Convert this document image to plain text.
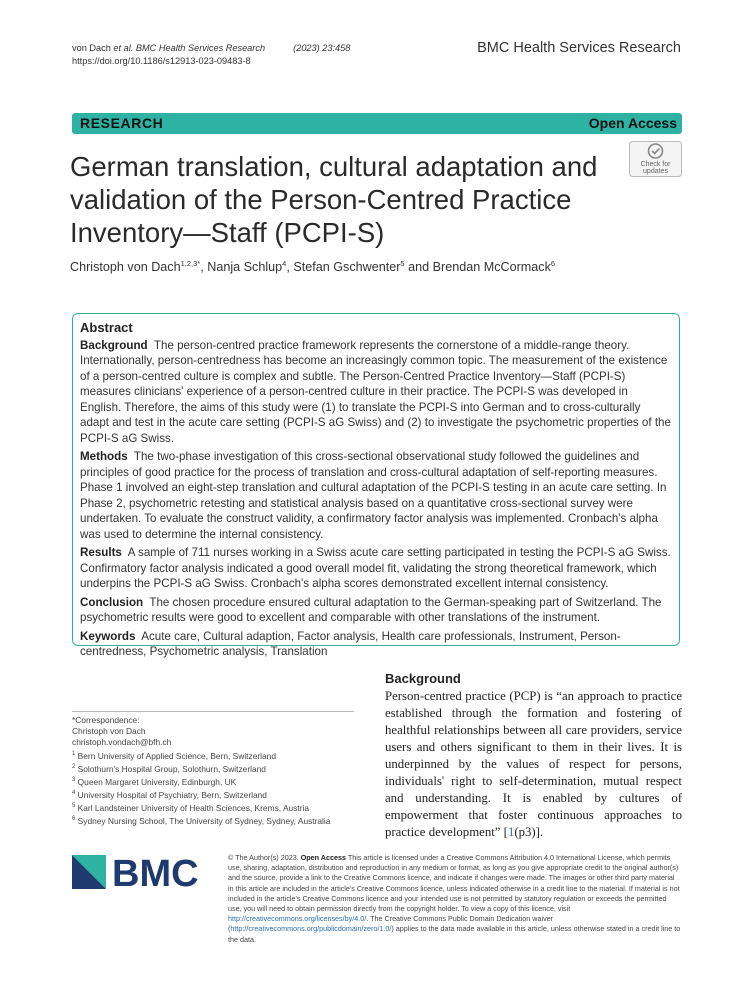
von Dach et al. BMC Health Services Research	(2023) 23:458
https://doi.org/10.1186/s12913-023-09483-8
BMC Health Services Research
RESEARCH	Open Access
German translation, cultural adaptation and validation of the Person-Centred Practice Inventory—Staff (PCPI-S)
Check for
updates
Christoph von Dach$^{1,2,3*}$, Nanja Schlup$^4$, Stefan Gschwenter$^5$ and Brendan McCormack$^6$
Abstract

Background The person-centred practice framework represents the cornerstone of a middle-range theory. Internationally, person-centredness has become an increasingly common topic. The measurement of the existence of a person-centred culture is complex and subtle. The Person-Centred Practice Inventory—Staff (PCPI-S) measures clinicians' experience of a person-centred culture in their practice. The PCPI-S was developed in English. Therefore, the aims of this study were (1) to translate the PCPI-S into German and to cross-culturally adapt and test in the acute care setting (PCPI-S aG Swiss) and (2) to investigate the psychometric properties of the PCPI-S aG Swiss.

Methods The two-phase investigation of this cross-sectional observational study followed the guidelines and principles of good practice for the process of translation and cross-cultural adaptation of self-reporting measures. Phase 1 involved an eight-step translation and cultural adaptation of the PCPI-S testing in an acute care setting. In Phase 2, psychometric retesting and statistical analysis based on a quantitative cross-sectional survey were undertaken. To evaluate the construct validity, a confirmatory factor analysis was implemented. Cronbach's alpha was used to determine the internal consistency.

Results A sample of 711 nurses working in a Swiss acute care setting participated in testing the PCPI-S aG Swiss. Confirmatory factor analysis indicated a good overall model fit, validating the strong theoretical framework, which underpins the PCPI-S aG Swiss. Cronbach's alpha scores demonstrated excellent internal consistency.

Conclusion The chosen procedure ensured cultural adaptation to the German-speaking part of Switzerland. The psychometric results were good to excellent and comparable with other translations of the instrument.

Keywords Acute care, Cultural adaption, Factor analysis, Health care professionals, Instrument, Person-centredness, Psychometric analysis, Translation

*Correspondence:
Christoph von Dach
christoph.vondach@bfh.ch
$^1$ Bern University of Applied Science, Bern, Switzerland
$^2$ Solothurn's Hospital Group, Solothurn, Switzerland
$^3$ Queen Margaret University, Edinburgh, UK
$^4$ University Hospital of Psychiatry, Bern, Switzerland
$^5$ Karl Landsteiner University of Health Sciences, Krems, Austria
$^6$ Sydney Nursing School, The University of Sydney, Sydney, Australia
Background

Person-centred practice (PCP) is “an approach to practice established through the formation and fostering of healthful relationships between all care providers, service users and others significant to them in their lives. It is underpinned by the values of respect for persons, individuals' right to self-determination, mutual respect and understanding. It is enabled by cultures of empowerment that foster continuous approaches to practice development” [1(p3)].

BMC	© The Author(s) 2023. Open Access This article is licensed under a Creative Commons Attribution 4.0 International License, which permits use, sharing, adaptation, distribution and reproduction in any medium or format, as long as you give appropriate credit to the original author(s) and the source, provide a link to the Creative Commons licence, and indicate if changes were made. The images or other third party material in this article are included in the article's Creative Commons licence, unless indicated otherwise in a credit line to the material. If material is not included in the article's Creative Commons licence and your intended use is not permitted by statutory regulation or exceeds the permitted use, you will need to obtain permission directly from the copyright holder. To view a copy of this licence, visit http://creativecommons.org/licenses/by/4.0/. The Creative Commons Public Domain Dedication waiver (http://creativecommons.org/publicdomain/zero/1.0/) applies to the data made available in this article, unless otherwise stated in a credit line to the data.
